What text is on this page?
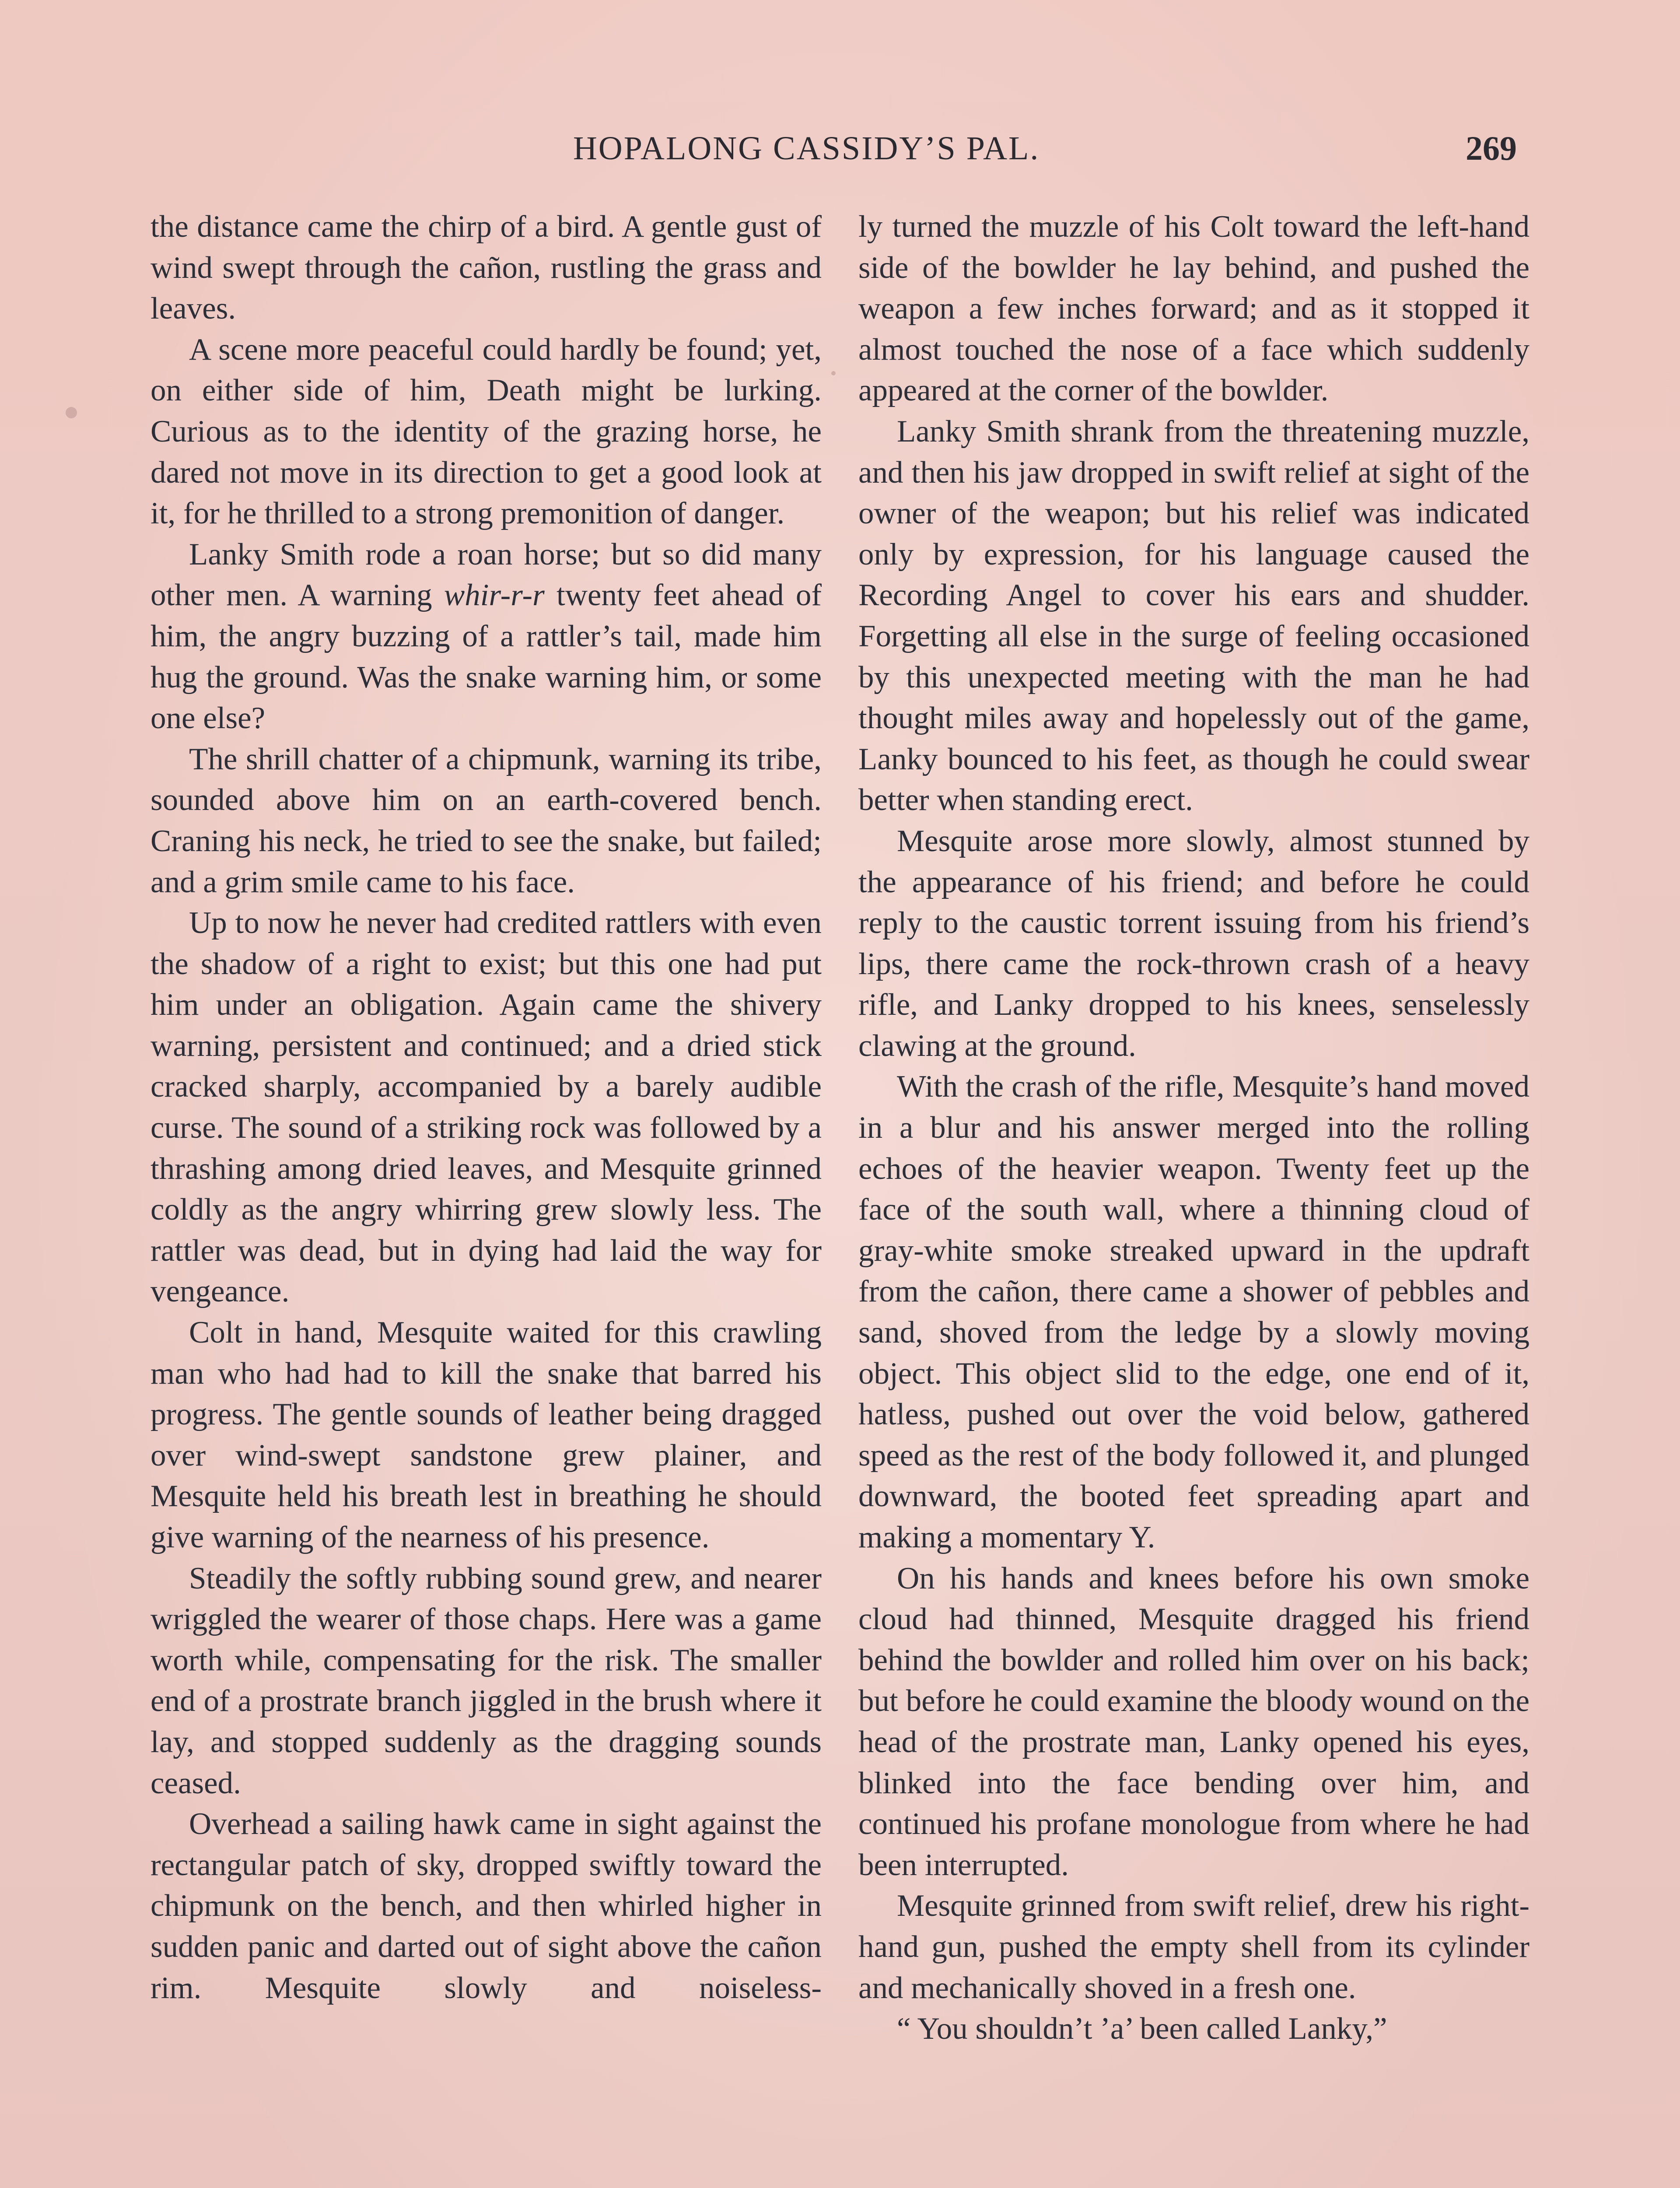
HOPALONG CASSIDY’S PAL.	269

the distance came the chirp of a bird. A gentle gust of wind swept through the cañon, rustling the grass and leaves.

A scene more peaceful could hardly be found; yet, on either side of him, Death might be lurking. Curious as to the identity of the grazing horse, he dared not move in its direction to get a good look at it, for he thrilled to a strong premonition of danger.

Lanky Smith rode a roan horse; but so did many other men. A warning whir-r-r twenty feet ahead of him, the angry buzzing of a rattler’s tail, made him hug the ground. Was the snake warning him, or some one else?

The shrill chatter of a chipmunk, warning its tribe, sounded above him on an earth-covered bench. Craning his neck, he tried to see the snake, but failed; and a grim smile came to his face.

Up to now he never had credited rattlers with even the shadow of a right to exist; but this one had put him under an obligation. Again came the shivery warning, persistent and continued; and a dried stick cracked sharply, accompanied by a barely audible curse. The sound of a striking rock was followed by a thrashing among dried leaves, and Mesquite grinned coldly as the angry whirring grew slowly less. The rattler was dead, but in dying had laid the way for vengeance.

Colt in hand, Mesquite waited for this crawling man who had had to kill the snake that barred his progress. The gentle sounds of leather being dragged over wind-swept sandstone grew plainer, and Mesquite held his breath lest in breathing he should give warning of the nearness of his presence.

Steadily the softly rubbing sound grew, and nearer wriggled the wearer of those chaps. Here was a game worth while, compensating for the risk. The smaller end of a prostrate branch jiggled in the brush where it lay, and stopped suddenly as the dragging sounds ceased.

Overhead a sailing hawk came in sight against the rectangular patch of sky, dropped swiftly toward the chipmunk on the bench, and then whirled higher in sudden panic and darted out of sight above the cañon rim. Mesquite slowly and noiseless-

ly turned the muzzle of his Colt toward the left-hand side of the bowlder he lay behind, and pushed the weapon a few inches forward; and as it stopped it almost touched the nose of a face which suddenly appeared at the corner of the bowlder.

Lanky Smith shrank from the threatening muzzle, and then his jaw dropped in swift relief at sight of the owner of the weapon; but his relief was indicated only by expression, for his language caused the Recording Angel to cover his ears and shudder. Forgetting all else in the surge of feeling occasioned by this unexpected meeting with the man he had thought miles away and hopelessly out of the game, Lanky bounced to his feet, as though he could swear better when standing erect.

Mesquite arose more slowly, almost stunned by the appearance of his friend; and before he could reply to the caustic torrent issuing from his friend’s lips, there came the rock-thrown crash of a heavy rifle, and Lanky dropped to his knees, senselessly clawing at the ground.

With the crash of the rifle, Mesquite’s hand moved in a blur and his answer merged into the rolling echoes of the heavier weapon. Twenty feet up the face of the south wall, where a thinning cloud of gray-white smoke streaked upward in the updraft from the cañon, there came a shower of pebbles and sand, shoved from the ledge by a slowly moving object. This object slid to the edge, one end of it, hatless, pushed out over the void below, gathered speed as the rest of the body followed it, and plunged downward, the booted feet spreading apart and making a momentary Y.

On his hands and knees before his own smoke cloud had thinned, Mesquite dragged his friend behind the bowlder and rolled him over on his back; but before he could examine the bloody wound on the head of the prostrate man, Lanky opened his eyes, blinked into the face bending over him, and continued his profane monologue from where he had been interrupted.

Mesquite grinned from swift relief, drew his right-hand gun, pushed the empty shell from its cylinder and mechanically shoved in a fresh one.

“ You shouldn’t ’a’ been called Lanky,”
